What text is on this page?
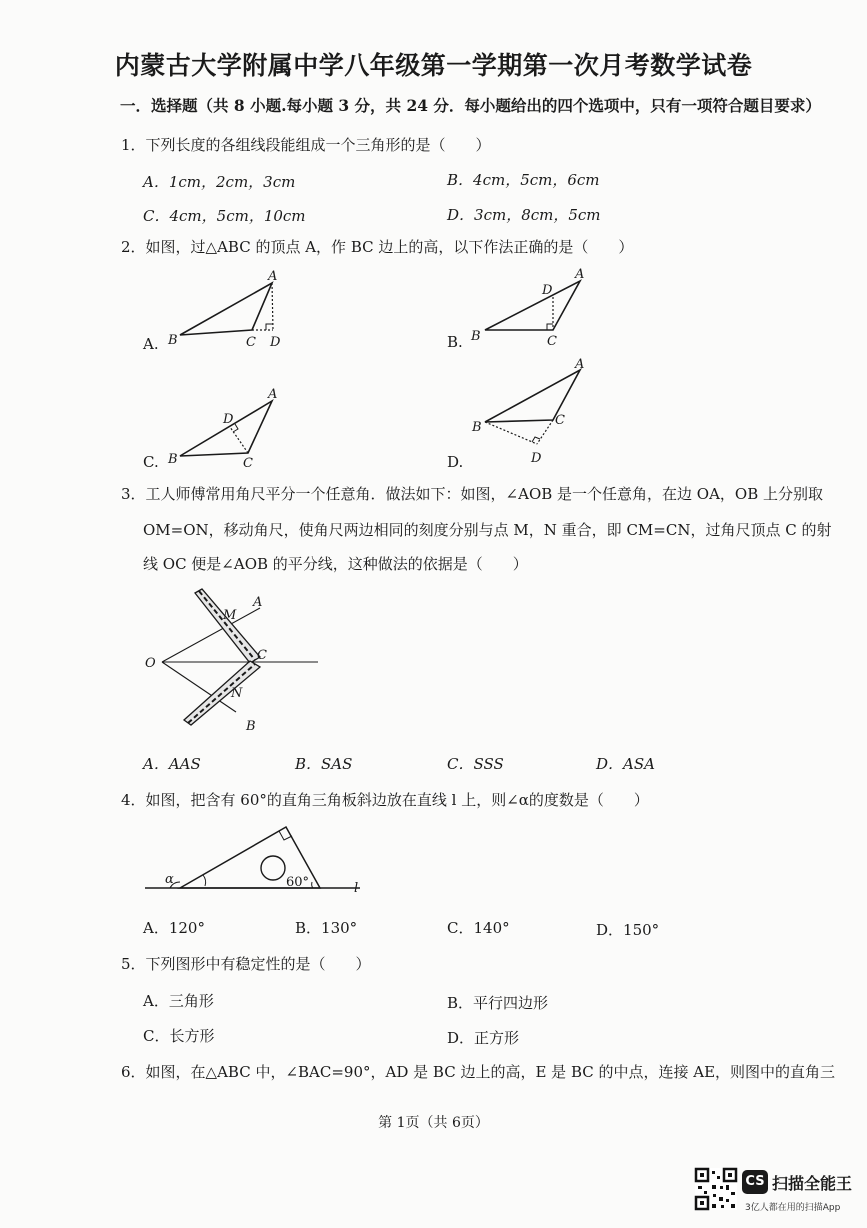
内蒙古大学附属中学八年级第一学期第一次月考数学试卷
一．选择题（共 8 小题.每小题 3 分，共 24 分．每小题给出的四个选项中，只有一项符合题目要求）
1．下列长度的各组线段能组成一个三角形的是（　　）
A．1cm，2cm，3cm	B．4cm，5cm，6cm
C．4cm，5cm，10cm	D．3cm，8cm，5cm
2．如图，过△ABC 的顶点 A，作 BC 边上的高，以下作法正确的是（　　）
A.	B.
C.	D.
A
B	C D
A
D
B	C
A
D
B	C
A
B	C
D
3．工人师傅常用角尺平分一个任意角．做法如下：如图，∠AOB 是一个任意角，在边 OA，OB 上分别取
OM=ON，移动角尺，使角尺两边相同的刻度分别与点 M，N 重合，即 CM=CN，过角尺顶点 C 的射
线 OC 便是∠AOB 的平分线，这种做法的依据是（　　）
O
M
A
C
N
B
A．AAS	B．SAS	C．SSS	D．ASA
4．如图，把含有 60°的直角三角板斜边放在直线 l 上，则∠α的度数是（　　）
α	60°	l
A．120°	B．130°	C．140°	D．150°
5．下列图形中有稳定性的是（　　）
A．三角形	B．平行四边形
C．长方形	D．正方形
6．如图，在△ABC 中，∠BAC=90°，AD 是 BC 边上的高，E 是 BC 的中点，连接 AE，则图中的直角三
第 1页（共 6页）
CS 扫描全能王
3亿人都在用的扫描App
